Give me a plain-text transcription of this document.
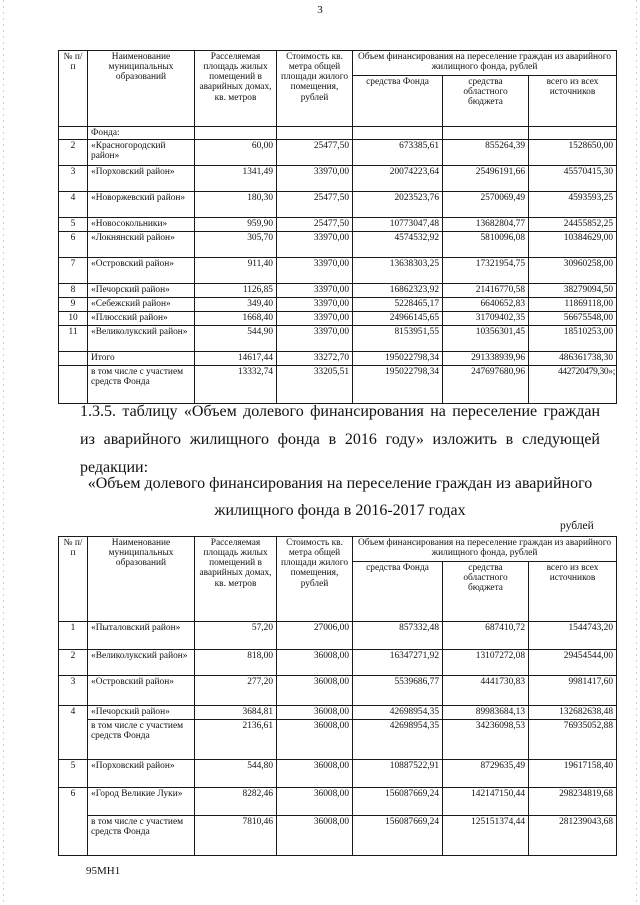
3
№ п/п	Наименование муниципальных образований	Расселяемая площадь жилых помещений в аварийных домах, кв. метров	Стоимость кв. метра общей площади жилого помещения, рублей	Объем финансирования на переселение граждан из аварийного жилищного фонда, рублей		
				средства Фонда	средства областного бюджета	всего из всех источников
	Фонда:					
2	«Красногородский район»	60,00	25477,50	673385,61	855264,39	1528650,00
3	«Порховский район»	1341,49	33970,00	20074223,64	25496191,66	45570415,30
4	«Новоржевский район»	180,30	25477,50	2023523,76	2570069,49	4593593,25
5	«Новосокольники»	959,90	25477,50	10773047,48	13682804,77	24455852,25
6	«Локнянский район»	305,70	33970,00	4574532,92	5810096,08	10384629,00
7	«Островский район»	911,40	33970,00	13638303,25	17321954,75	30960258,00
8	«Печорский район»	1126,85	33970,00	16862323,92	21416770,58	38279094,50
9	«Себежский район»	349,40	33970,00	5228465,17	6640652,83	11869118,00
10	«Плюсский район»	1668,40	33970,00	24966145,65	31709402,35	56675548,00
11	«Великолукский район»	544,90	33970,00	8153951,55	10356301,45	18510253,00
	Итого	14617,44	33272,70	195022798,34	291338939,96	486361738,30
	в том числе с участием средств Фонда	13332,74	33205,51	195022798,34	247697680,96	442720479,30»;
1.3.5. таблицу «Объем долевого финансирования на переселение граждан из аварийного жилищного фонда в 2016 году» изложить в следующей редакции:
«Объем долевого финансирования на переселение граждан из аварийного жилищного фонда в 2016-2017 годах
рублей
№ п/п	Наименование муниципальных образований	Расселяемая площадь жилых помещений в аварийных домах, кв. метров	Стоимость кв. метра общей площади жилого помещения, рублей	Объем финансирования на переселение граждан из аварийного жилищного фонда, рублей		
				средства Фонда	средства областного бюджета	всего из всех источников
1	«Пыталовский район»	57,20	27006,00	857332,48	687410,72	1544743,20
2	«Великолукский район»	818,00	36008,00	16347271,92	13107272,08	29454544,00
3	«Островский район»	277,20	36008,00	5539686,77	4441730,83	9981417,60
4	«Печорский район»	3684,81	36008,00	42698954,35	89983684,13	132682638,48
	в том числе с участием средств Фонда	2136,61	36008,00	42698954,35	34236098,53	76935052,88
5	«Порховский район»	544,80	36008,00	10887522,91	8729635,49	19617158,40
6	«Город Великие Луки»	8282,46	36008,00	156087669,24	142147150,44	298234819,68
	в том числе с участием средств Фонда	7810,46	36008,00	156087669,24	125151374,44	281239043,68
95МН1
